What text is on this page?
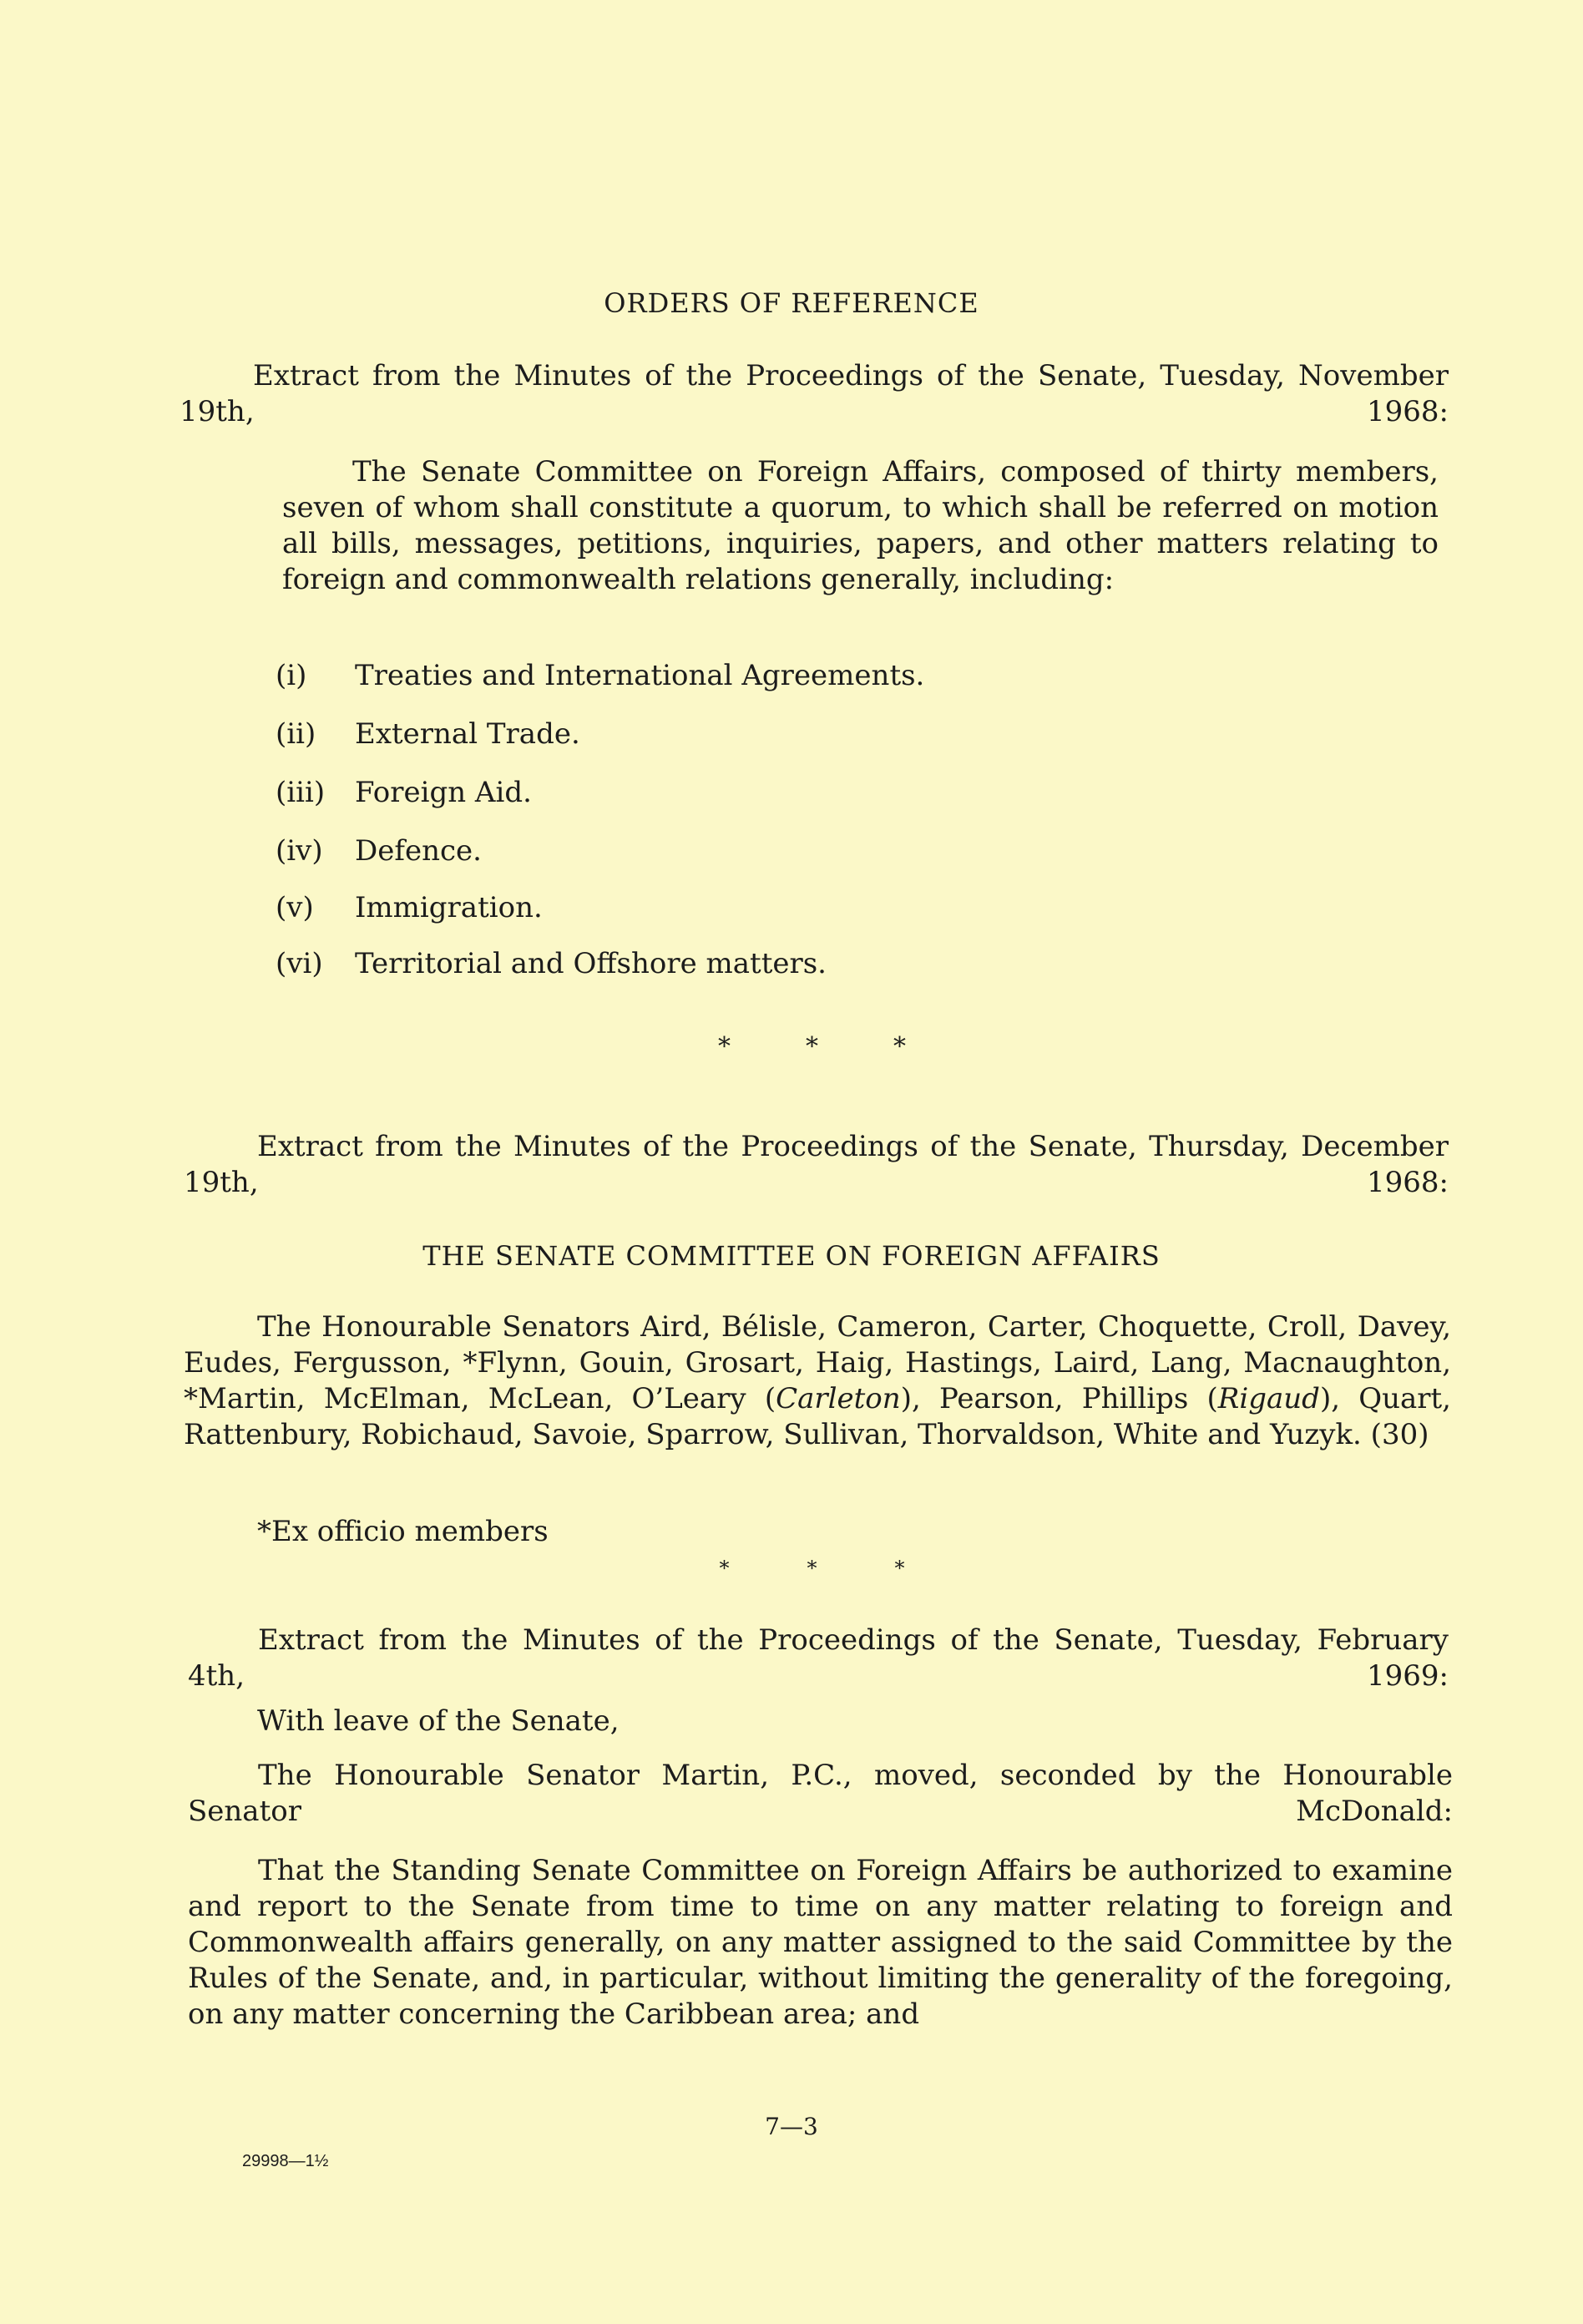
ORDERS OF REFERENCE

Extract from the Minutes of the Proceedings of the Senate, Tuesday, November 19th, 1968:

The Senate Committee on Foreign Affairs, composed of thirty members, seven of whom shall constitute a quorum, to which shall be referred on motion all bills, messages, petitions, inquiries, papers, and other matters relating to foreign and commonwealth relations generally, including:

(i) Treaties and International Agreements.
(ii) External Trade.
(iii) Foreign Aid.
(iv) Defence.
(v) Immigration.
(vi) Territorial and Offshore matters.
*	*	*

Extract from the Minutes of the Proceedings of the Senate, Thursday, December 19th, 1968:

THE SENATE COMMITTEE ON FOREIGN AFFAIRS

The Honourable Senators Aird, Bélisle, Cameron, Carter, Choquette, Croll, Davey, Eudes, Fergusson, *Flynn, Gouin, Grosart, Haig, Hastings, Laird, Lang, Macnaughton, *Martin, McElman, McLean, O’Leary (Carleton), Pearson, Phillips (Rigaud), Quart, Rattenbury, Robichaud, Savoie, Sparrow, Sullivan, Thorvaldson, White and Yuzyk. (30)

*Ex officio members

*	*	*

Extract from the Minutes of the Proceedings of the Senate, Tuesday, February 4th, 1969:

With leave of the Senate,

The Honourable Senator Martin, P.C., moved, seconded by the Honourable Senator McDonald:

That the Standing Senate Committee on Foreign Affairs be authorized to examine and report to the Senate from time to time on any matter relating to foreign and Commonwealth affairs generally, on any matter assigned to the said Committee by the Rules of the Senate, and, in particular, without limiting the generality of the foregoing, on any matter concerning the Caribbean area; and

7—3

29998—1½
